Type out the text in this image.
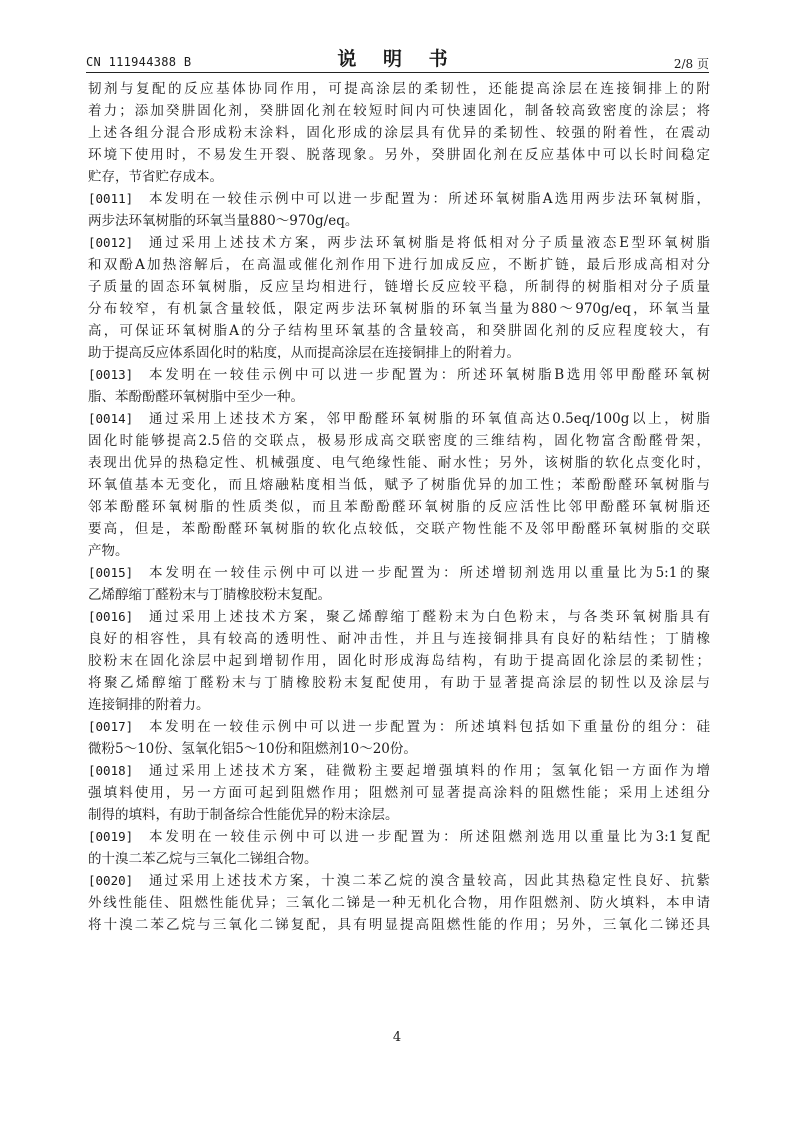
CN 111944388 B	说 明 书	2/8 页
韧剂与复配的反应基体协同作用，可提高涂层的柔韧性，还能提高涂层在连接铜排上的附
着力；添加癸肼固化剂，癸肼固化剂在较短时间内可快速固化，制备较高致密度的涂层；将
上述各组分混合形成粉末涂料，固化形成的涂层具有优异的柔韧性、较强的附着性，在震动
环境下使用时，不易发生开裂、脱落现象。另外，癸肼固化剂在反应基体中可以长时间稳定
贮存，节省贮存成本。
[0011]	本发明在一较佳示例中可以进一步配置为：所述环氧树脂A选用两步法环氧树脂，
两步法环氧树脂的环氧当量880～970g/eq。
[0012]	通过采用上述技术方案，两步法环氧树脂是将低相对分子质量液态E型环氧树脂
和双酚A加热溶解后，在高温或催化剂作用下进行加成反应，不断扩链，最后形成高相对分
子质量的固态环氧树脂，反应呈均相进行，链增长反应较平稳，所制得的树脂相对分子质量
分布较窄，有机氯含量较低，限定两步法环氧树脂的环氧当量为880～970g/eq，环氧当量
高，可保证环氧树脂A的分子结构里环氧基的含量较高，和癸肼固化剂的反应程度较大，有
助于提高反应体系固化时的粘度，从而提高涂层在连接铜排上的附着力。
[0013]	本发明在一较佳示例中可以进一步配置为：所述环氧树脂B选用邻甲酚醛环氧树
脂、苯酚酚醛环氧树脂中至少一种。
[0014]	通过采用上述技术方案，邻甲酚醛环氧树脂的环氧值高达0.5eq/100g以上，树脂
固化时能够提高2.5倍的交联点，极易形成高交联密度的三维结构，固化物富含酚醛骨架，
表现出优异的热稳定性、机械强度、电气绝缘性能、耐水性；另外，该树脂的软化点变化时，
环氧值基本无变化，而且熔融粘度相当低，赋予了树脂优异的加工性；苯酚酚醛环氧树脂与
邻苯酚醛环氧树脂的性质类似，而且苯酚酚醛环氧树脂的反应活性比邻甲酚醛环氧树脂还
要高，但是，苯酚酚醛环氧树脂的软化点较低，交联产物性能不及邻甲酚醛环氧树脂的交联
产物。
[0015]	本发明在一较佳示例中可以进一步配置为：所述增韧剂选用以重量比为5:1的聚
乙烯醇缩丁醛粉末与丁腈橡胶粉末复配。
[0016]	通过采用上述技术方案，聚乙烯醇缩丁醛粉末为白色粉末，与各类环氧树脂具有
良好的相容性，具有较高的透明性、耐冲击性，并且与连接铜排具有良好的粘结性；丁腈橡
胶粉末在固化涂层中起到增韧作用，固化时形成海岛结构，有助于提高固化涂层的柔韧性；
将聚乙烯醇缩丁醛粉末与丁腈橡胶粉末复配使用，有助于显著提高涂层的韧性以及涂层与
连接铜排的附着力。
[0017]	本发明在一较佳示例中可以进一步配置为：所述填料包括如下重量份的组分：硅
微粉5～10份、氢氧化铝5～10份和阻燃剂10～20份。
[0018]	通过采用上述技术方案，硅微粉主要起增强填料的作用；氢氧化铝一方面作为增
强填料使用，另一方面可起到阻燃作用；阻燃剂可显著提高涂料的阻燃性能；采用上述组分
制得的填料，有助于制备综合性能优异的粉末涂层。
[0019]	本发明在一较佳示例中可以进一步配置为：所述阻燃剂选用以重量比为3:1复配
的十溴二苯乙烷与三氧化二锑组合物。
[0020]	通过采用上述技术方案，十溴二苯乙烷的溴含量较高，因此其热稳定性良好、抗紫
外线性能佳、阻燃性能优异；三氧化二锑是一种无机化合物，用作阻燃剂、防火填料，本申请
将十溴二苯乙烷与三氧化二锑复配，具有明显提高阻燃性能的作用；另外，三氧化二锑还具
4
